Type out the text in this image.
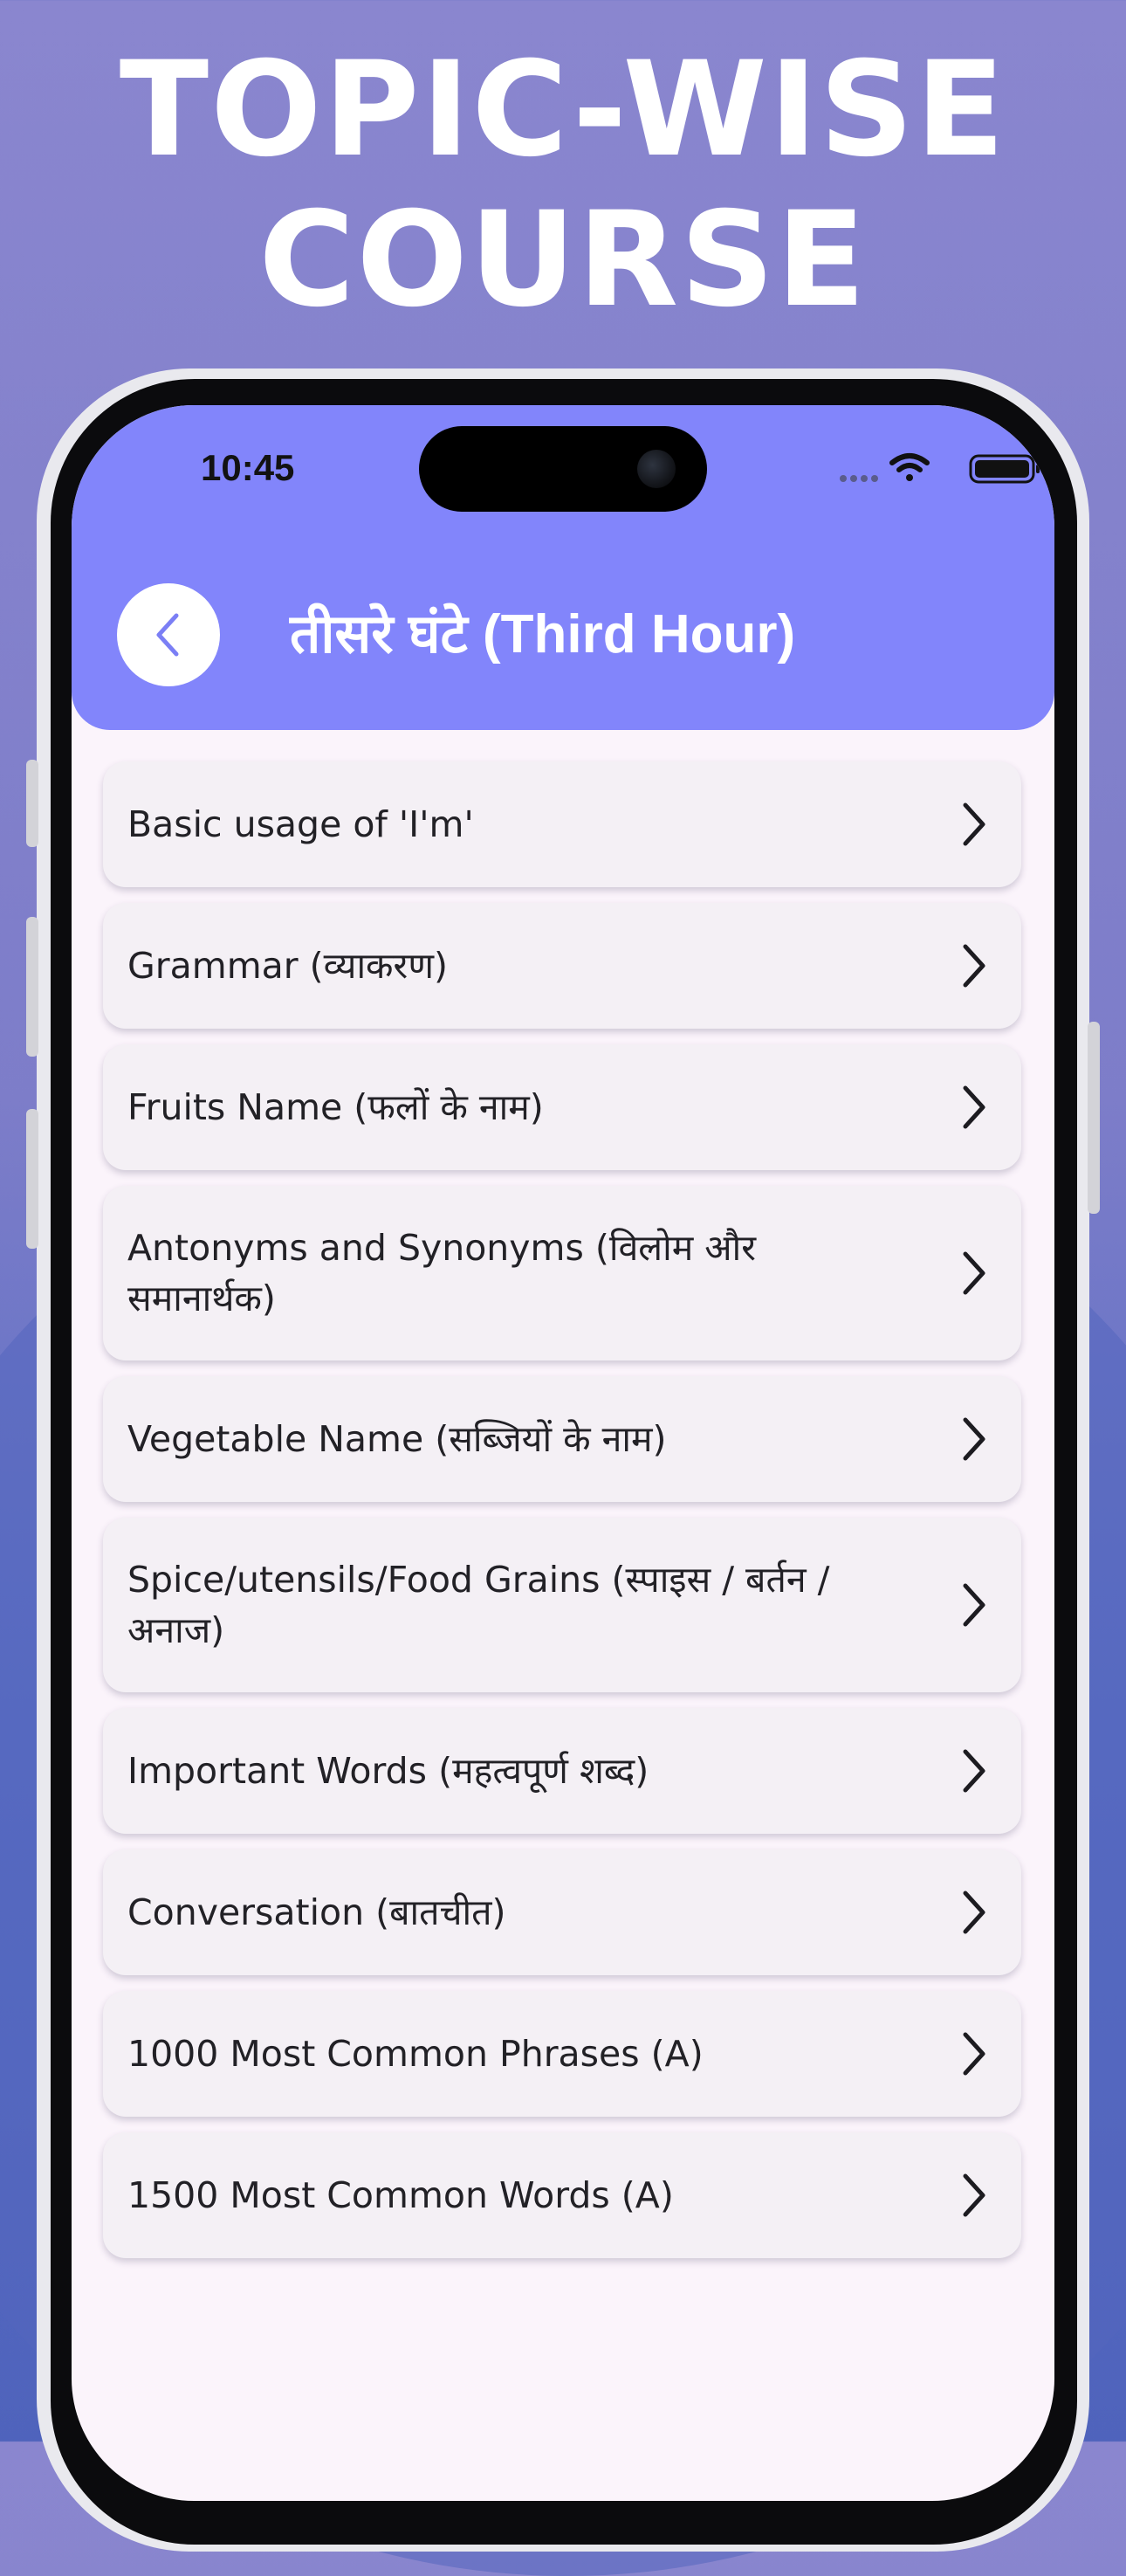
TOPIC-WISE
COURSE
10:45
तीसरे घंटे (Third Hour)
Basic usage of 'I'm'
Grammar (व्याकरण)
Fruits Name (फलों के नाम)
Antonyms and Synonyms (विलोम और समानार्थक)
Vegetable Name (सब्जियों के नाम)
Spice/utensils/Food Grains (स्पाइस / बर्तन / अनाज)
Important Words (महत्वपूर्ण शब्द)
Conversation (बातचीत)
1000 Most Common Phrases (A)
1500 Most Common Words (A)
